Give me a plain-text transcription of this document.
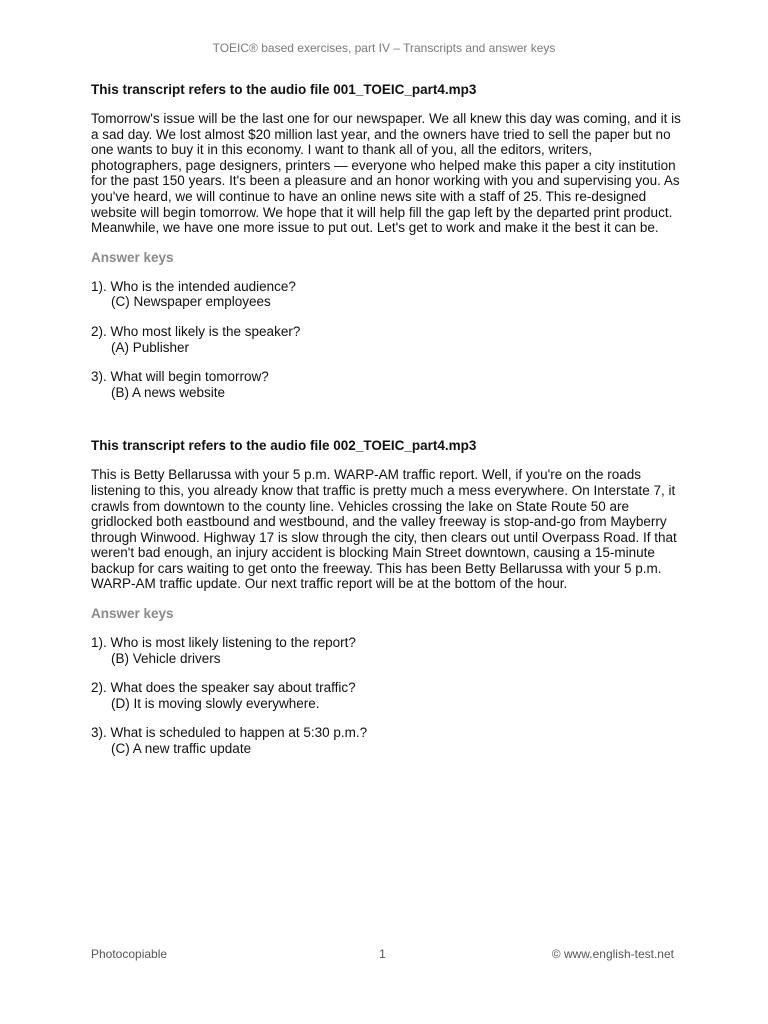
TOEIC® based exercises, part IV – Transcripts and answer keys
This transcript refers to the audio file 001_TOEIC_part4.mp3
Tomorrow's issue will be the last one for our newspaper. We all knew this day was coming, and it is a sad day. We lost almost $20 million last year, and the owners have tried to sell the paper but no one wants to buy it in this economy. I want to thank all of you, all the editors, writers, photographers, page designers, printers — everyone who helped make this paper a city institution for the past 150 years. It's been a pleasure and an honor working with you and supervising you. As you've heard, we will continue to have an online news site with a staff of 25. This re-designed website will begin tomorrow. We hope that it will help fill the gap left by the departed print product. Meanwhile, we have one more issue to put out. Let's get to work and make it the best it can be.
Answer keys
1). Who is the intended audience?
(C) Newspaper employees
2). Who most likely is the speaker?
(A) Publisher
3). What will begin tomorrow?
(B) A news website
This transcript refers to the audio file 002_TOEIC_part4.mp3
This is Betty Bellarussa with your 5 p.m. WARP-AM traffic report. Well, if you're on the roads listening to this, you already know that traffic is pretty much a mess everywhere. On Interstate 7, it crawls from downtown to the county line. Vehicles crossing the lake on State Route 50 are gridlocked both eastbound and westbound, and the valley freeway is stop-and-go from Mayberry through Winwood. Highway 17 is slow through the city, then clears out until Overpass Road. If that weren't bad enough, an injury accident is blocking Main Street downtown, causing a 15-minute backup for cars waiting to get onto the freeway. This has been Betty Bellarussa with your 5 p.m. WARP-AM traffic update. Our next traffic report will be at the bottom of the hour.
Answer keys
1). Who is most likely listening to the report?
(B) Vehicle drivers
2). What does the speaker say about traffic?
(D) It is moving slowly everywhere.
3). What is scheduled to happen at 5:30 p.m.?
(C) A new traffic update
Photocopiable	1	© www.english-test.net
